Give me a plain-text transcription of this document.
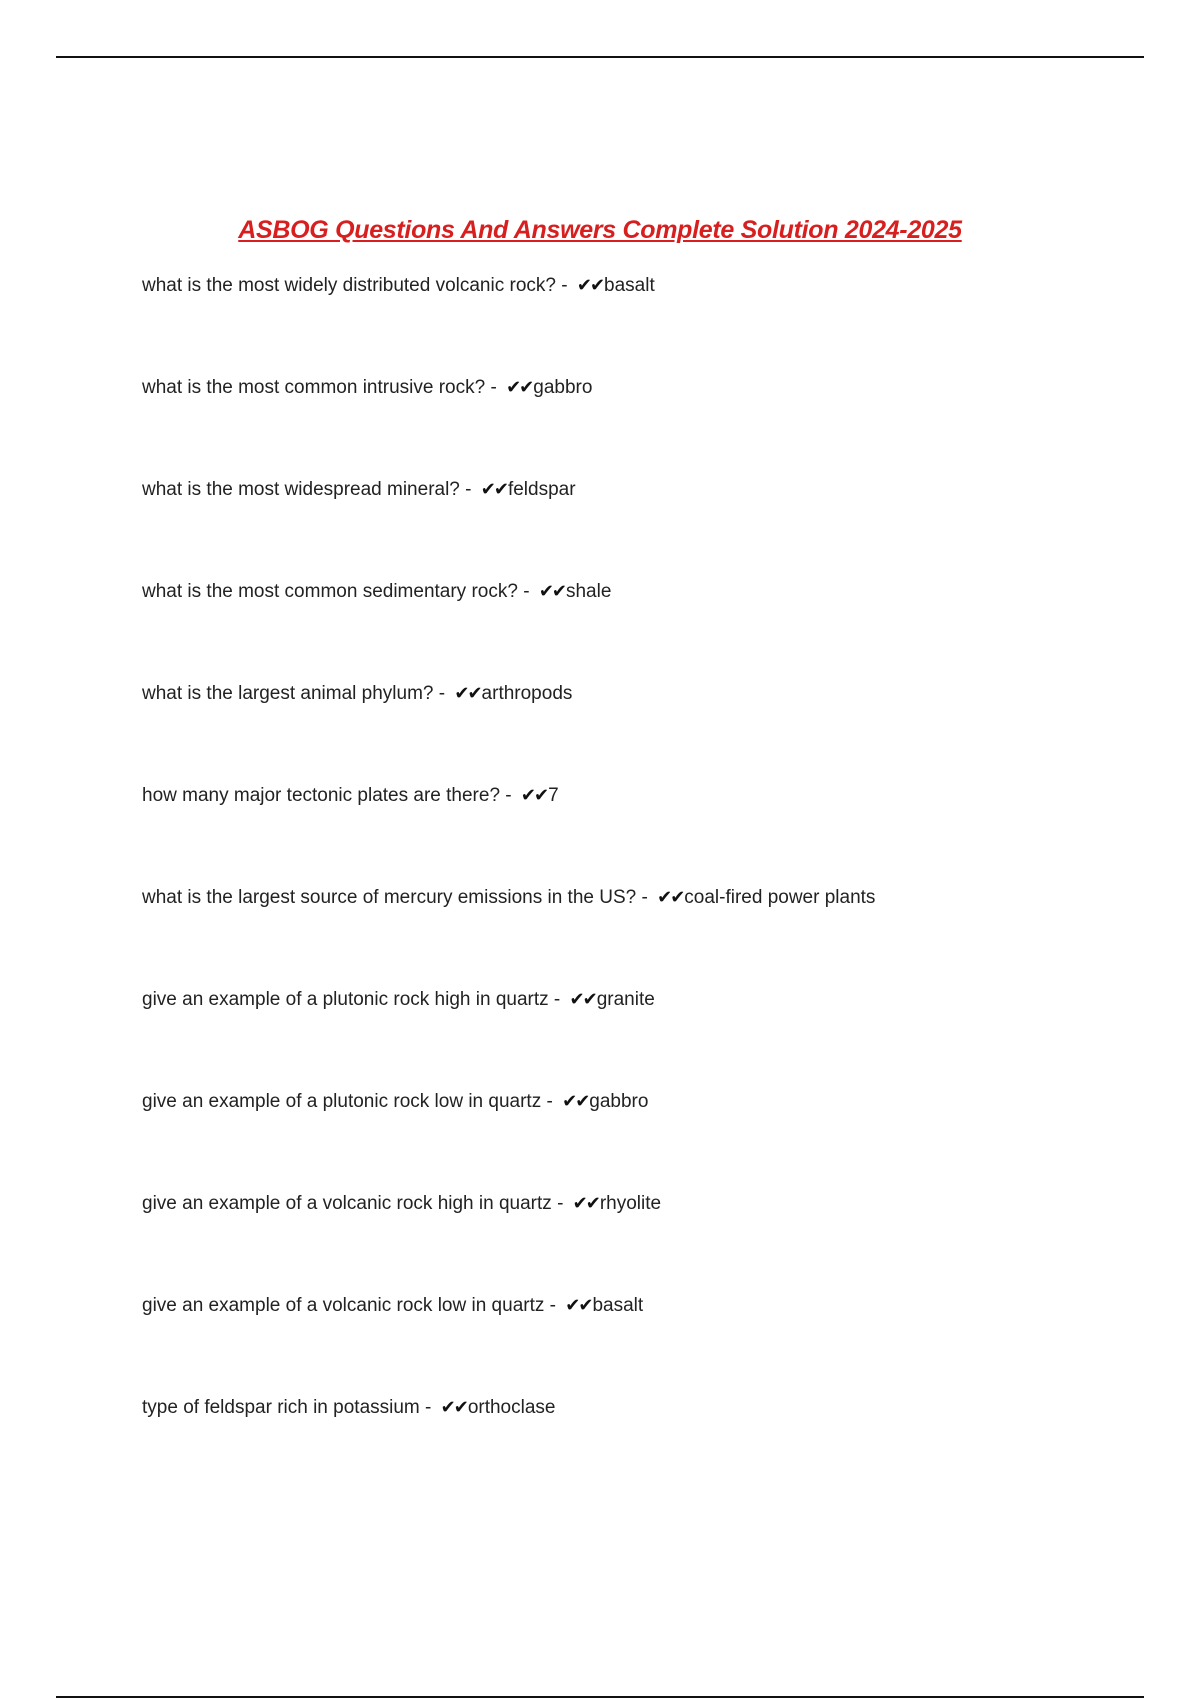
ASBOG Questions And Answers Complete Solution 2024-2025
what is the most widely distributed volcanic rock? - ✔✔basalt
what is the most common intrusive rock? - ✔✔gabbro
what is the most widespread mineral? - ✔✔feldspar
what is the most common sedimentary rock? - ✔✔shale
what is the largest animal phylum? - ✔✔arthropods
how many major tectonic plates are there? - ✔✔7
what is the largest source of mercury emissions in the US? - ✔✔coal-fired power plants
give an example of a plutonic rock high in quartz - ✔✔granite
give an example of a plutonic rock low in quartz - ✔✔gabbro
give an example of a volcanic rock high in quartz - ✔✔rhyolite
give an example of a volcanic rock low in quartz - ✔✔basalt
type of feldspar rich in potassium - ✔✔orthoclase
